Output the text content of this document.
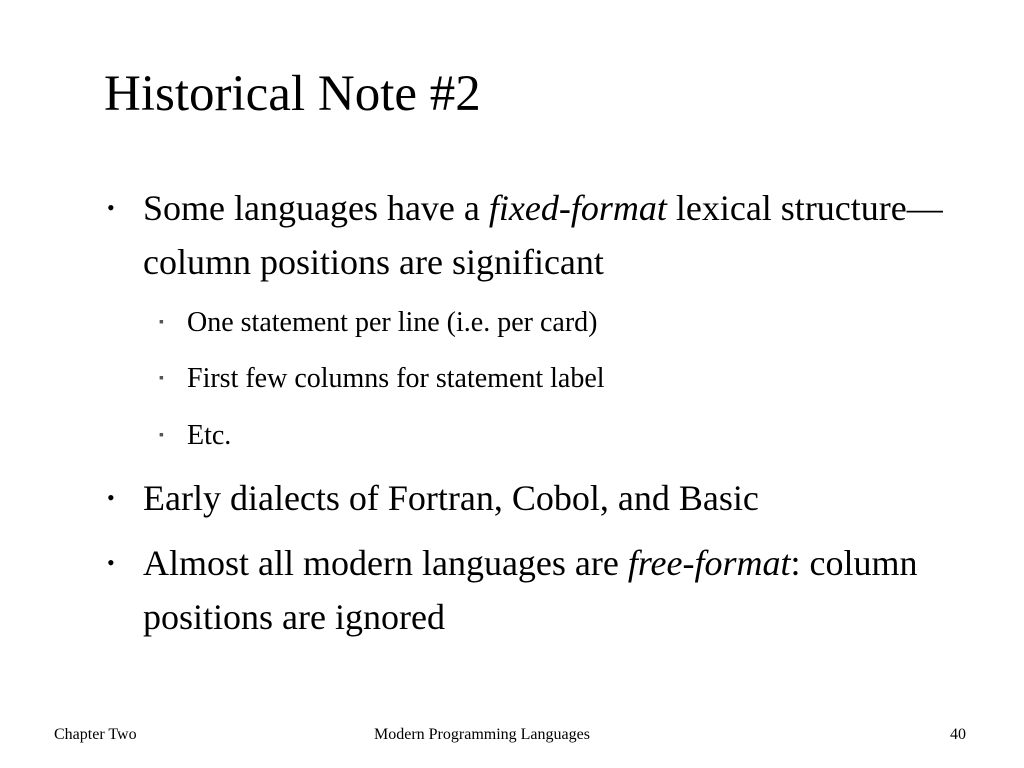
Historical Note #2
• Some languages have a fixed-format lexical structure—column positions are significant
▪ One statement per line (i.e. per card)
▪ First few columns for statement label
▪ Etc.
• Early dialects of Fortran, Cobol, and Basic
• Almost all modern languages are free-format: column positions are ignored
Chapter Two	Modern Programming Languages	40
